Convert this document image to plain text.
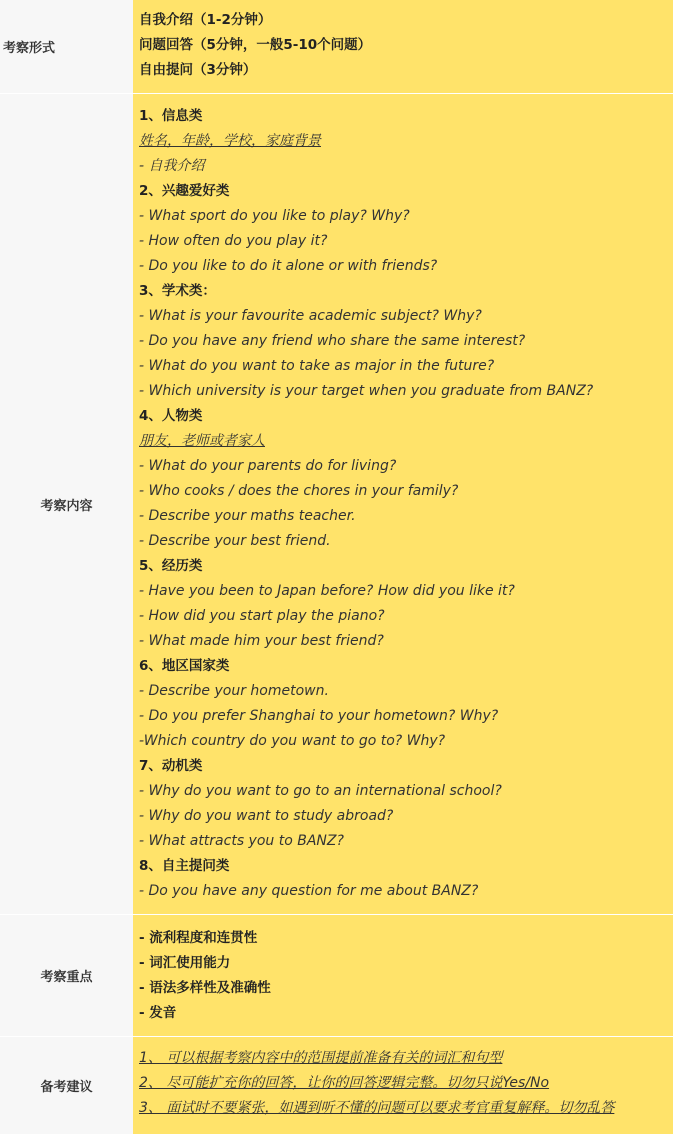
考察形式
自我介绍（1-2分钟）
问题回答（5分钟，一般5-10个问题）
自由提问（3分钟）
考察内容
1、信息类
姓名，年龄，学校，家庭背景
- 自我介绍
2、兴趣爱好类
- What sport do you like to play? Why?
- How often do you play it?
- Do you like to do it alone or with friends?
3、学术类：
- What is your favourite academic subject? Why?
- Do you have any friend who share the same interest?
- What do you want to take as major in the future?
- Which university is your target when you graduate from BANZ?
4、人物类
朋友，老师或者家人
- What do your parents do for living?
- Who cooks / does the chores in your family?
- Describe your maths teacher.
- Describe your best friend.
5、经历类
- Have you been to Japan before? How did you like it?
- How did you start play the piano?
- What made him your best friend?
6、地区国家类
- Describe your hometown.
- Do you prefer Shanghai to your hometown? Why?
-Which country do you want to go to? Why?
7、动机类
- Why do you want to go to an international school?
- Why do you want to study abroad?
- What attracts you to BANZ?
8、自主提问类
- Do you have any question for me about BANZ?
考察重点
- 流利程度和连贯性
- 词汇使用能力
- 语法多样性及准确性
- 发音
备考建议
1、 可以根据考察内容中的范围提前准备有关的词汇和句型
2、 尽可能扩充你的回答，让你的回答逻辑完整。切勿只说Yes/No
3、 面试时不要紧张，如遇到听不懂的问题可以要求考官重复解释。切勿乱答
